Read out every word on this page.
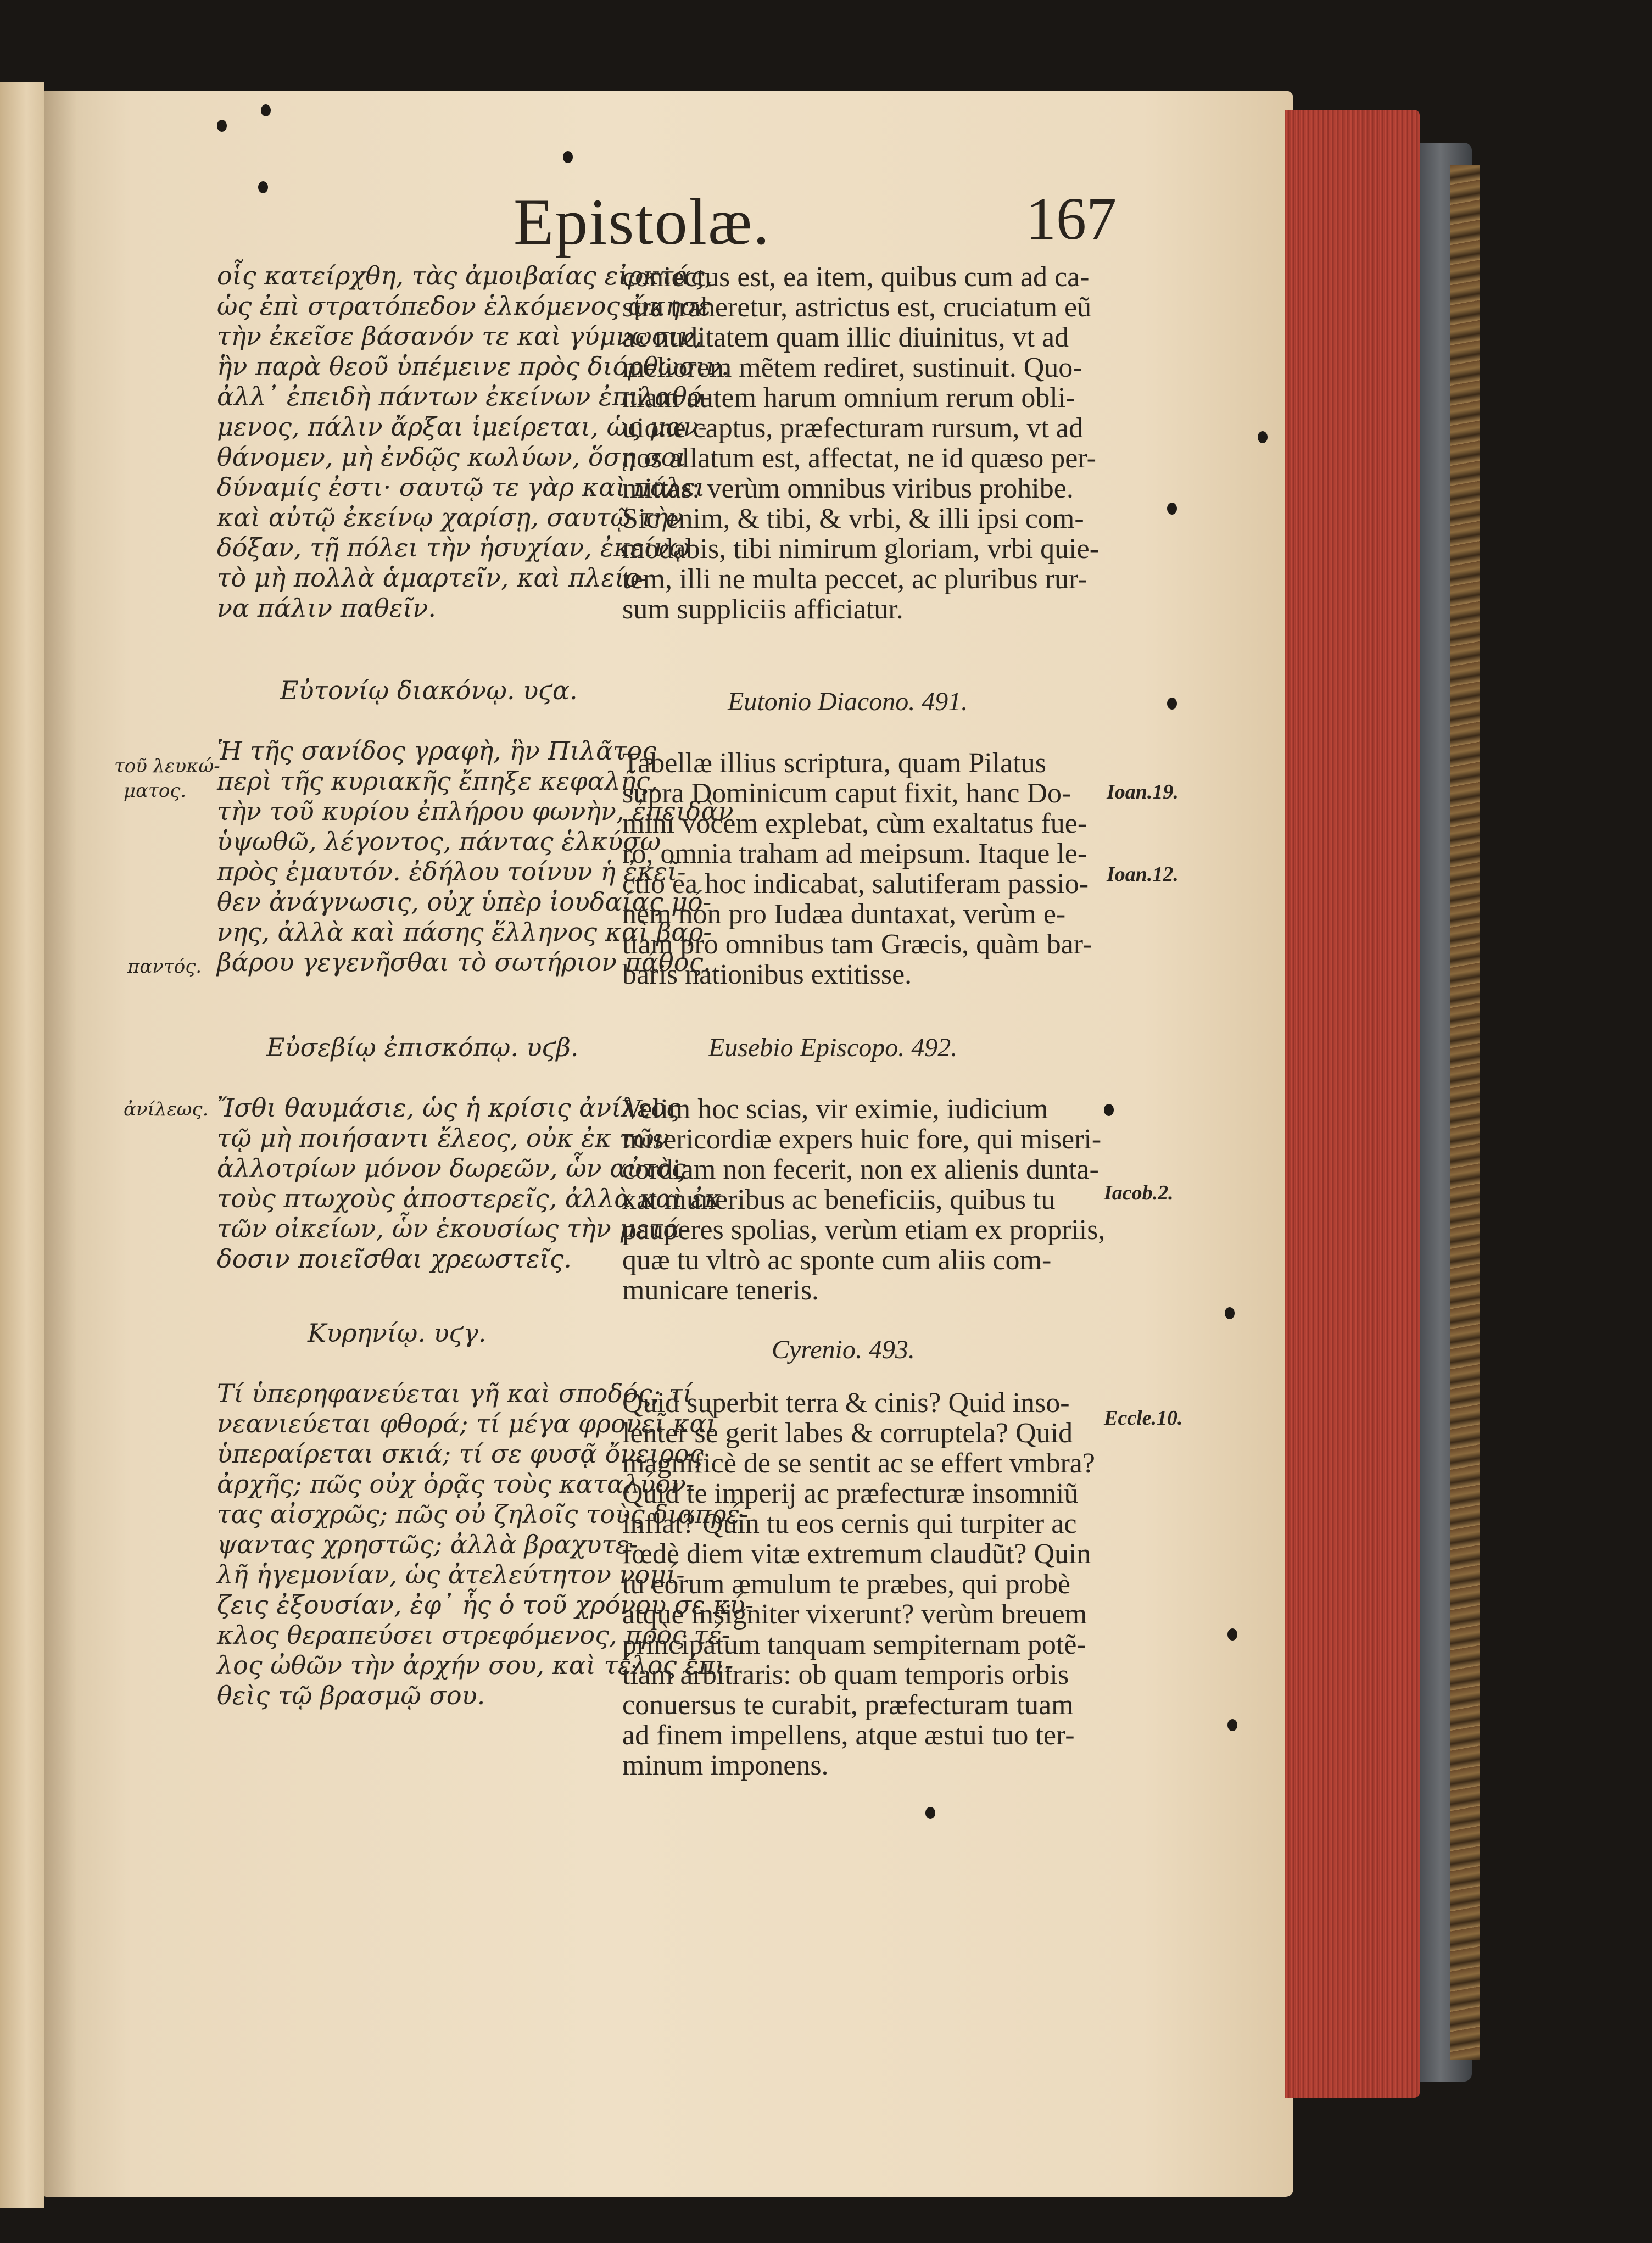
Epistolæ.	167
οἷς κατείρχθη, τὰς ἀμοιβαίας εἰρκτάς,
ὡς ἐπὶ στρατόπεδον ἑλκόμενος ᾤκησε
τὴν ἐκεῖσε βάσανόν τε καὶ γύμνωσιν,
ἣν παρὰ θεοῦ ὑπέμεινε πρὸς διόρθωσιν.
ἀλλ᾽ ἐπειδὴ πάντων ἐκείνων ἐπιλαθό-
μενος, πάλιν ἄρξαι ἱμείρεται, ὡς μαν-
θάνομεν, μὴ ἐνδῷς κωλύων, ὅσῃ σοι
δύναμίς ἐστι· σαυτῷ τε γὰρ καὶ πόλει
καὶ αὐτῷ ἐκείνῳ χαρίσῃ, σαυτῷ τὴν
δόξαν, τῇ πόλει τὴν ἡσυχίαν, ἐκείνῳ
τὸ μὴ πολλὰ ἁμαρτεῖν, καὶ πλείο-
να πάλιν παθεῖν.
Εὐτονίῳ διακόνῳ. υϛα.
Ἡ τῆς σανίδος γραφὴ, ἣν Πιλᾶτος
περὶ τῆς κυριακῆς ἔπηξε κεφαλῆς,
τὴν τοῦ κυρίου ἐπλήρου φωνὴν, ἐπειδὰν
ὑψωθῶ, λέγοντος, πάντας ἑλκύσω
πρὸς ἐμαυτόν. ἐδήλου τοίνυν ἡ ἐκεῖ-
θεν ἀνάγνωσις, οὐχ ὑπὲρ ἰουδαίας μό-
νης, ἀλλὰ καὶ πάσης ἕλληνος καὶ βαρ-
βάρου γεγενῆσθαι τὸ σωτήριον πάθος.
Εὐσεβίῳ ἐπισκόπῳ. υϛβ.
Ἴσθι θαυμάσιε, ὡς ἡ κρίσις ἀνίλεος
τῷ μὴ ποιήσαντι ἔλεος, οὐκ ἐκ τῶν
ἀλλοτρίων μόνον δωρεῶν, ὧν αὐτὸς
τοὺς πτωχοὺς ἀποστερεῖς, ἀλλὰ καὶ ἐκ
τῶν οἰκείων, ὧν ἑκουσίως τὴν μετά-
δοσιν ποιεῖσθαι χρεωστεῖς.
Κυρηνίῳ. υϛγ.
Τί ὑπερηφανεύεται γῆ καὶ σποδός; τί
νεανιεύεται φθορά; τί μέγα φρονεῖ καὶ
ὑπεραίρεται σκιά; τί σε φυσᾷ ὄνειρος
ἀρχῆς; πῶς οὐχ ὁρᾷς τοὺς καταλύον-
τας αἰσχρῶς; πῶς οὐ ζηλοῖς τοὺς διαπρέ-
ψαντας χρηστῶς; ἀλλὰ βραχυτε-
λῆ ἡγεμονίαν, ὡς ἀτελεύτητον νομί-
ζεις ἐξουσίαν, ἐφ᾽ ἧς ὁ τοῦ χρόνου σε κύ-
κλος θεραπεύσει στρεφόμενος, πρὸς τέ-
λος ὠθῶν τὴν ἀρχήν σου, καὶ τέλος ἐπι-
θεὶς τῷ βρασμῷ σου.
τοῦ λευκώ-
ματος.
παντός.
ἀνίλεως.
coniectus est, ea item, quibus cum ad ca-
stra traheretur, astrictus est, cruciatum eũ
ac nuditatem quam illic diuinitus, vt ad
meliorem mẽtem rediret, sustinuit. Quo-
niam autem harum omnium rerum obli-
uione captus, præfecturam rursum, vt ad
nos allatum est, affectat, ne id quæso per-
mittas: verùm omnibus viribus prohibe.
Sic enim, & tibi, & vrbi, & illi ipsi com-
modabis, tibi nimirum gloriam, vrbi quie-
tem, illi ne multa peccet, ac pluribus rur-
sum suppliciis afficiatur.
Eutonio Diacono. 491.
Tabellæ illius scriptura, quam Pilatus
supra Dominicum caput fixit, hanc Do-
mini vocem explebat, cùm exaltatus fue-
ro, omnia traham ad meipsum. Itaque le-
ctio ea hoc indicabat, salutiferam passio-
nem non pro Iudæa duntaxat, verùm e-
tiam pro omnibus tam Græcis, quàm bar-
baris nationibus extitisse.
Eusebio Episcopo. 492.
Velim hoc scias, vir eximie, iudicium
misericordiæ expers huic fore, qui miseri-
cordiam non fecerit, non ex alienis dunta-
xat muneribus ac beneficiis, quibus tu
pauperes spolias, verùm etiam ex propriis,
quæ tu vltrò ac sponte cum aliis com-
municare teneris.
Cyrenio. 493.
Quid superbit terra & cinis? Quid inso-
lenter se gerit labes & corruptela? Quid
magnificè de se sentit ac se effert vmbra?
Quid te imperij ac præfecturæ insomniũ
inflat? Quin tu eos cernis qui turpiter ac
fœdè diem vitæ extremum claudũt? Quin
tu eorum æmulum te præbes, qui probè
atque insigniter vixerunt? verùm breuem
principatum tanquam sempiternam potẽ-
tiam arbitraris: ob quam temporis orbis
conuersus te curabit, præfecturam tuam
ad finem impellens, atque æstui tuo ter-
minum imponens.
Ioan.19.
Ioan.12.
Iacob.2.
Eccle.10.
